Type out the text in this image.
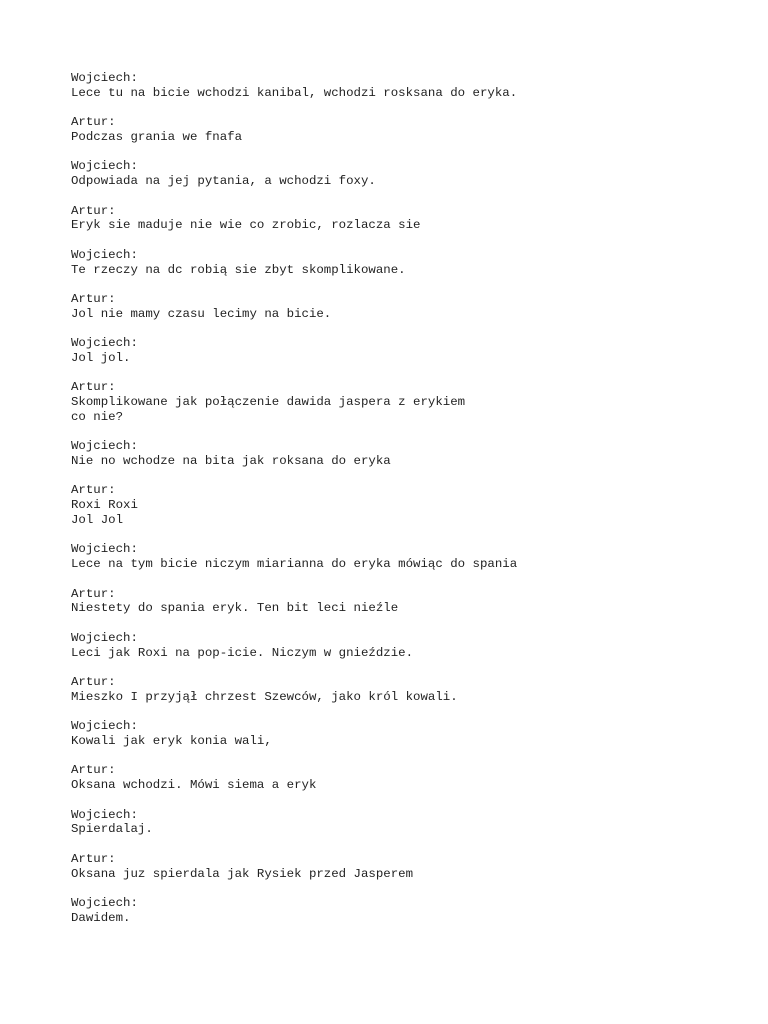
Wojciech:
Lece tu na bicie wchodzi kanibal, wchodzi rosksana do eryka.
Artur:
Podczas grania we fnafa
Wojciech:
Odpowiada na jej pytania, a wchodzi foxy.
Artur:
Eryk sie maduje nie wie co zrobic, rozlacza sie
Wojciech:
Te rzeczy na dc robią sie zbyt skomplikowane.
Artur:
Jol nie mamy czasu lecimy na bicie.
Wojciech:
Jol jol.
Artur:
Skomplikowane jak połączenie dawida jaspera z erykiem
co nie?
Wojciech:
Nie no wchodze na bita jak roksana do eryka
Artur:
Roxi Roxi
Jol Jol
Wojciech:
Lece na tym bicie niczym miarianna do eryka mówiąc do spania
Artur:
Niestety do spania eryk. Ten bit leci nieźle
Wojciech:
Leci jak Roxi na pop-icie. Niczym w gnieździe.
Artur:
Mieszko I przyjął chrzest Szewców, jako król kowali.
Wojciech:
Kowali jak eryk konia wali,
Artur:
Oksana wchodzi. Mówi siema a eryk
Wojciech:
Spierdalaj.
Artur:
Oksana juz spierdala jak Rysiek przed Jasperem
Wojciech:
Dawidem.
